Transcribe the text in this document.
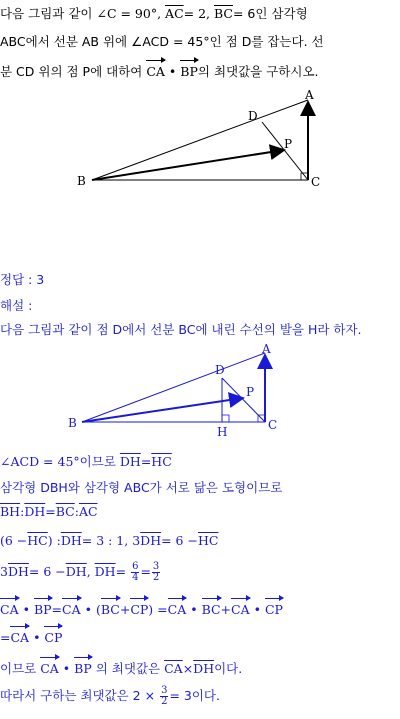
다음 그림과 같이 ∠C = 90°, $\overline{AC}= 2$, $\overline{BC}= 6$인 삼각형
ABC에서 선분 AB 위에 ∠ACD = 45°인 점 D를 잡는다. 선
분 CD 위의 점 P에 대하여 CA • BP의 최댓값을 구하시오.
A
B	C
D
P
정답 : 3
해설 :
다음 그림과 같이 점 D에서 선분 BC에 내린 수선의 발을 H라 하자.
A
B	C
D
P
H
∠ACD = 45°이므로 $\overline{DH}=\overline{HC}$
삼각형 DBH와 삼각형 ABC가 서로 닮은 도형이므로
$\overline{BH}:\overline{DH}=\overline{BC}:\overline{AC}$
$(6 -\overline{HC})$ $:\overline{DH}= 3$ : 1, $3\overline{DH}= 6 -\overline{HC}$
$3\overline{DH}= 6 -\overline{DH}$, $\overline{DH}= \frac{6}{4} = \frac{3}{2}$
CA • BP=CA • (BC+CP) =CA • BC+CA • CP
=CA • CP
이므로 CA • BP 의 최댓값은 $\overline{CA}\times\overline{DH}$이다.
따라서 구하는 최댓값은 $2 \times \frac{3}{2} = 3$이다.
